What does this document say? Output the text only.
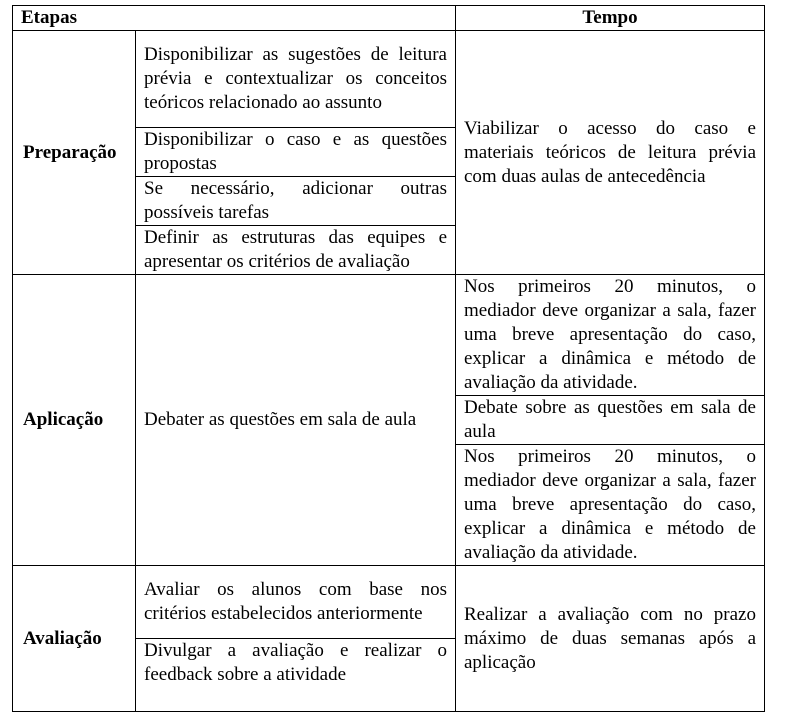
Etapas		Tempo
Preparação	Disponibilizar as sugestões de leitura prévia e contextualizar os conceitos teóricos relacionado ao assunto	Viabilizar o acesso do caso e materiais teóricos de leitura prévia com duas aulas de antecedência
	Disponibilizar o caso e as questões propostas	
	Se necessário, adicionar outras possíveis tarefas	
	Definir as estruturas das equipes e apresentar os critérios de avaliação	
Aplicação	Debater as questões em sala de aula	Nos primeiros 20 minutos, o mediador deve organizar a sala, fazer uma breve apresentação do caso, explicar a dinâmica e método de avaliação da atividade.
		Debate sobre as questões em sala de aula
		Nos primeiros 20 minutos, o mediador deve organizar a sala, fazer uma breve apresentação do caso, explicar a dinâmica e método de avaliação da atividade.
Avaliação	Avaliar os alunos com base nos critérios estabelecidos anteriormente	Realizar a avaliação com no prazo máximo de duas semanas após a aplicação
	Divulgar a avaliação e realizar o feedback sobre a atividade	
